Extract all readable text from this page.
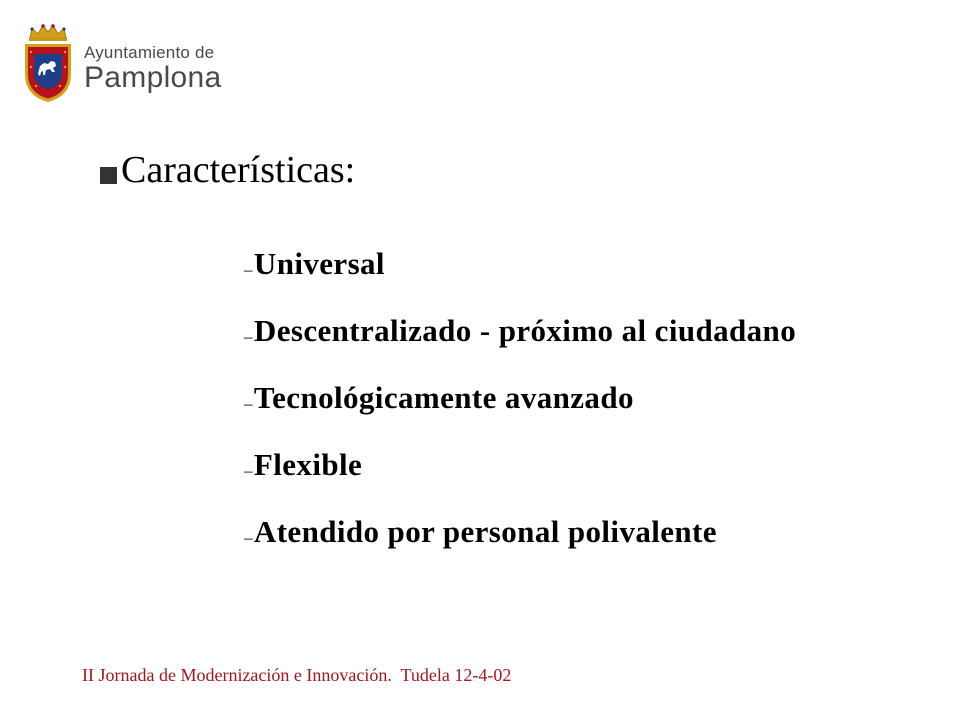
Ayuntamiento de
Pamplona
Características:
– Universal
– Descentralizado - próximo al ciudadano
– Tecnológicamente avanzado
– Flexible
– Atendido por personal polivalente
II Jornada de Modernización e Innovación.  Tudela 12-4-02
